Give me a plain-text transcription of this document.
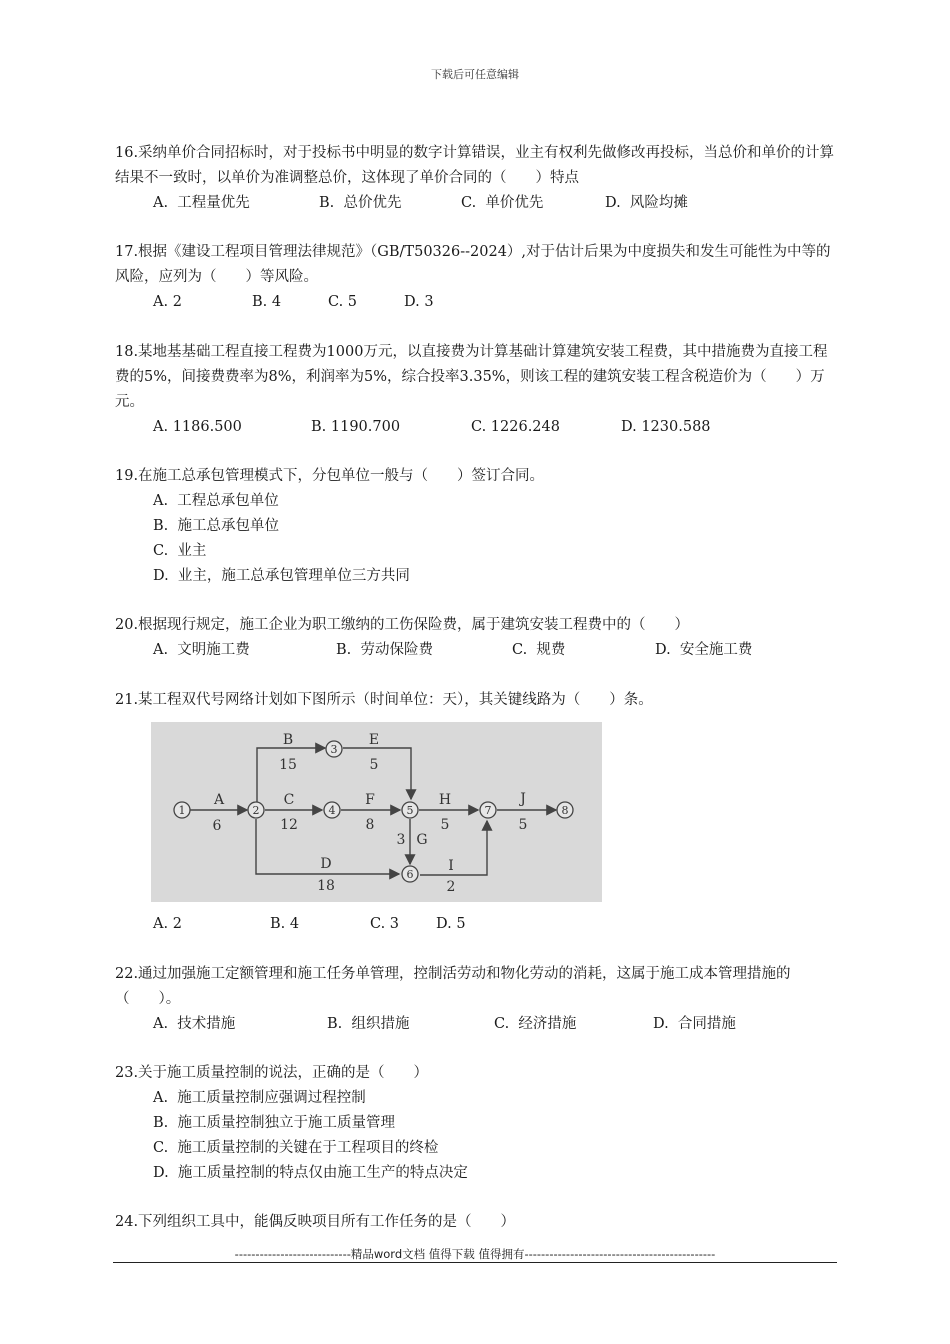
下载后可任意编辑

16.采纳单价合同招标时，对于投标书中明显的数字计算错误，业主有权利先做修改再投标，当总价和单价的计算结果不一致时，以单价为准调整总价，这体现了单价合同的（　　）特点

A.  工程量优先	B.  总价优先	C.  单价优先	D.  风险均摊

17.根据《建设工程项目管理法律规范》（GB/T50326--2024）,对于估计后果为中度损失和发生可能性为中等的风险，应列为（　　）等风险。

A. 2	B. 4	C. 5	D. 3

18.某地基基础工程直接工程费为1000万元，以直接费为计算基础计算建筑安装工程费，其中措施费为直接工程费的5%，间接费费率为8%，利润率为5%，综合投率3.35%，则该工程的建筑安装工程含税造价为（　　）万元。

A. 1186.500	B. 1190.700	C. 1226.248	D. 1230.588

19.在施工总承包管理模式下，分包单位一般与（　　）签订合同。

A.  工程总承包单位
B.  施工总承包单位
C.  业主
D.  业主，施工总承包管理单位三方共同

20.根据现行规定，施工企业为职工缴纳的工伤保险费，属于建筑安装工程费中的（　　）

A.  文明施工费	B.  劳动保险费	C.  规费	D.  安全施工费

21.某工程双代号网络计划如下图所示（时间单位：天），其关键线路为（　　）条。

1	2
3
4	5
6
7	8
A
6
B
15
E
5
C
12
F
8
H
5
J
5
G
3
D
18
I
2
A. 2	B. 4	C. 3	D. 5

22.通过加强施工定额管理和施工任务单管理，控制活劳动和物化劳动的消耗，这属于施工成本管理措施的（　　）。

A.  技术措施	B.  组织措施	C.  经济措施	D.  合同措施

23.关于施工质量控制的说法，正确的是（　　）

A.  施工质量控制应强调过程控制
B.  施工质量控制独立于施工质量管理
C.  施工质量控制的关键在于工程项目的终检
D.  施工质量控制的特点仅由施工生产的特点决定

24.下列组织工具中，能偶反映项目所有工作任务的是（　　）

----------------------------精品word文档 值得下载 值得拥有----------------------------------------------
